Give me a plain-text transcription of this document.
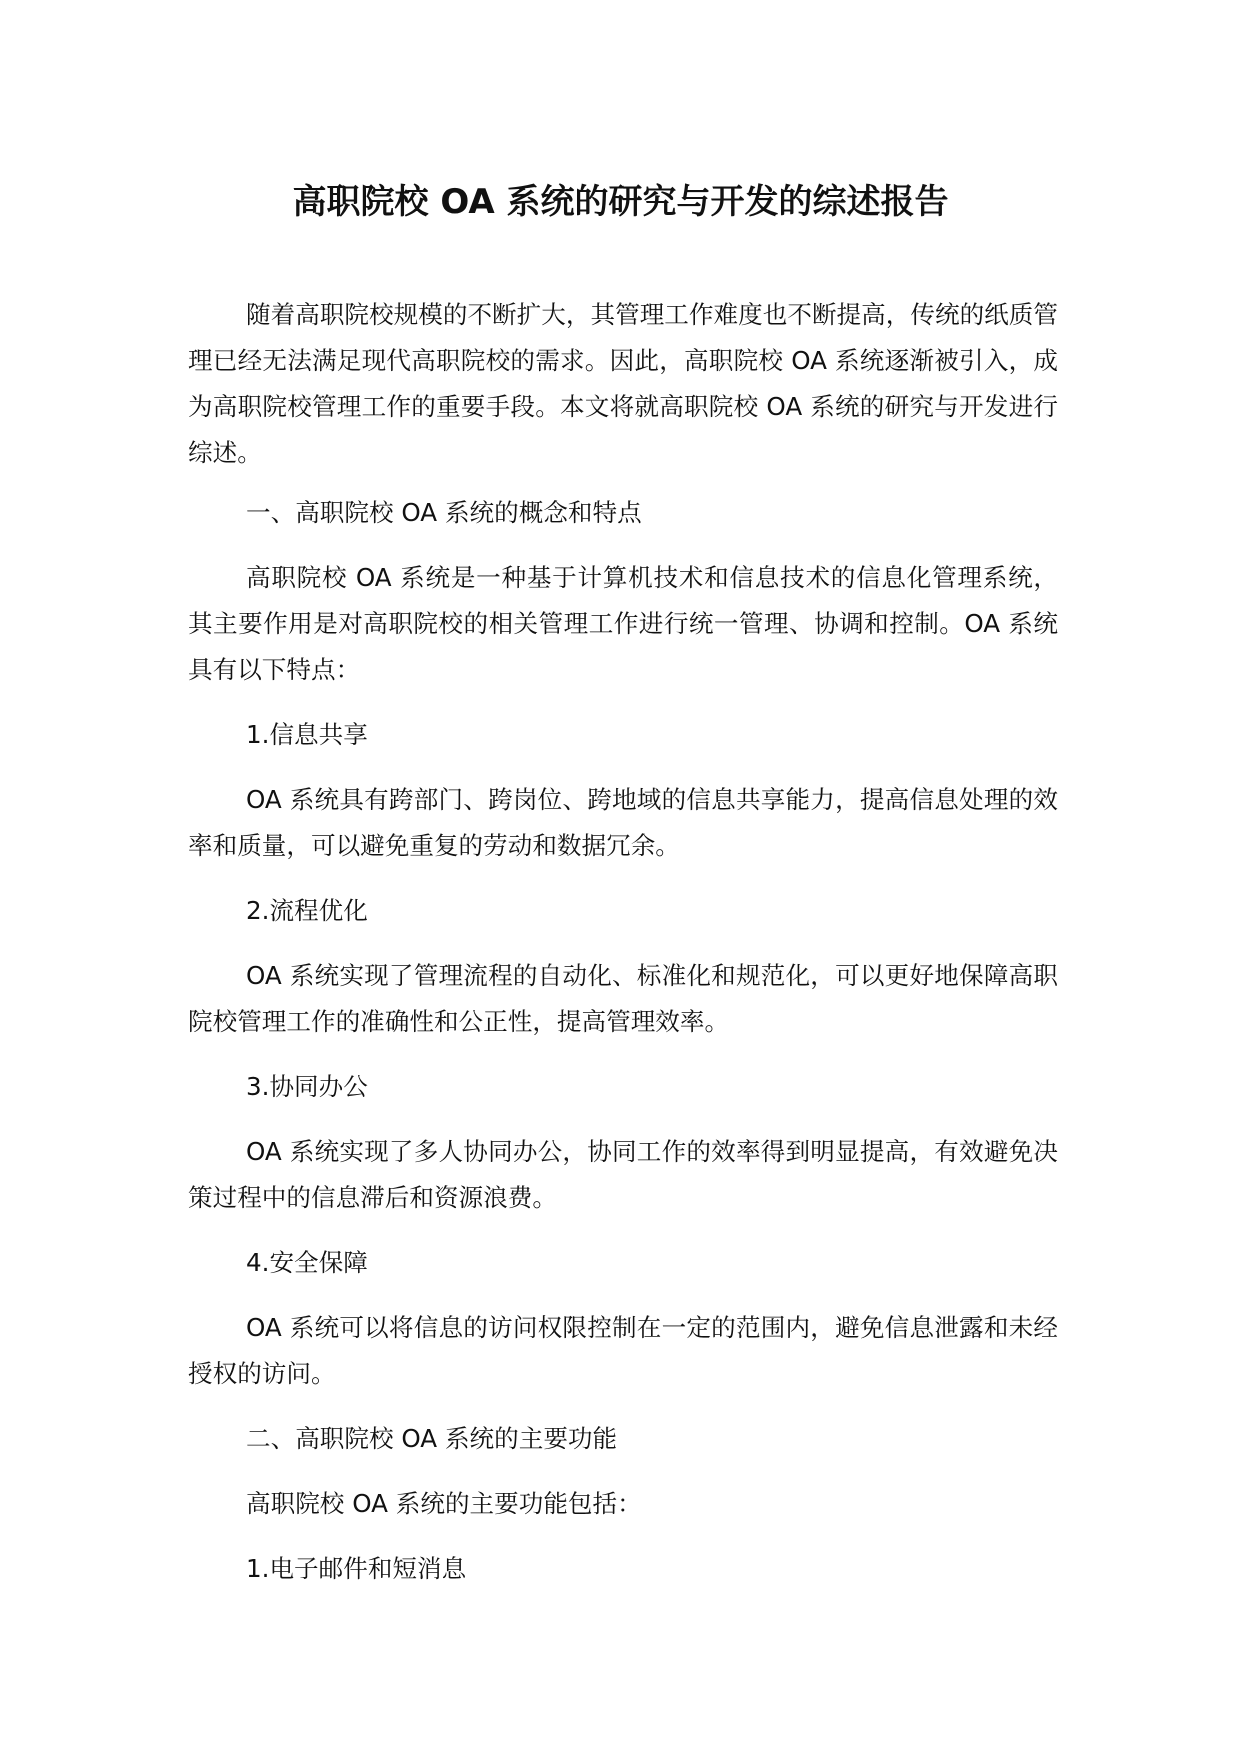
高职院校 OA 系统的研究与开发的综述报告

随着高职院校规模的不断扩大，其管理工作难度也不断提高，传统的纸质管理已经无法满足现代高职院校的需求。因此，高职院校 OA 系统逐渐被引入，成为高职院校管理工作的重要手段。本文将就高职院校 OA 系统的研究与开发进行综述。

一、高职院校 OA 系统的概念和特点

高职院校 OA 系统是一种基于计算机技术和信息技术的信息化管理系统，其主要作用是对高职院校的相关管理工作进行统一管理、协调和控制。OA 系统具有以下特点：

1.信息共享

OA 系统具有跨部门、跨岗位、跨地域的信息共享能力，提高信息处理的效率和质量，可以避免重复的劳动和数据冗余。

2.流程优化

OA 系统实现了管理流程的自动化、标准化和规范化，可以更好地保障高职院校管理工作的准确性和公正性，提高管理效率。

3.协同办公

OA 系统实现了多人协同办公，协同工作的效率得到明显提高，有效避免决策过程中的信息滞后和资源浪费。

4.安全保障

OA 系统可以将信息的访问权限控制在一定的范围内，避免信息泄露和未经授权的访问。

二、高职院校 OA 系统的主要功能

高职院校 OA 系统的主要功能包括：

1.电子邮件和短消息
